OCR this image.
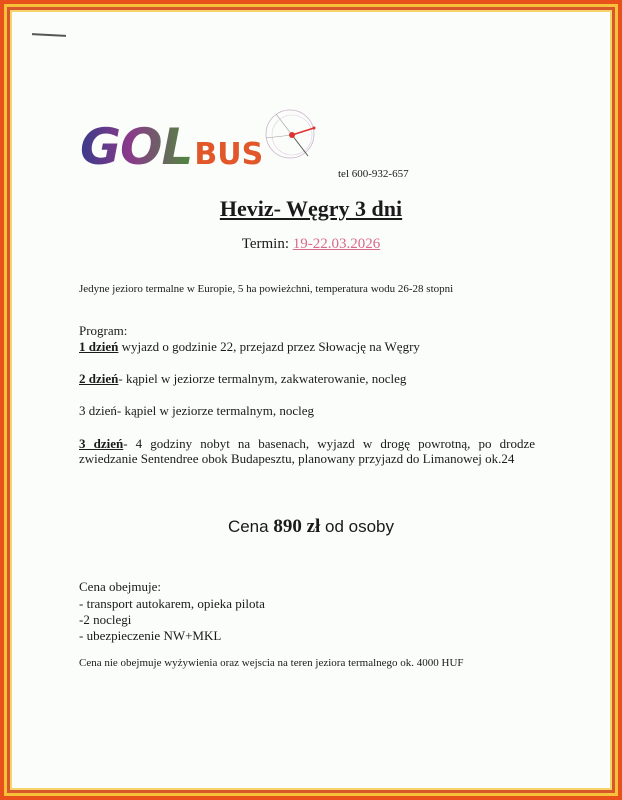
GOL BUS
tel 600-932-657
Heviz- Węgry 3 dni
Termin: 19-22.03.2026
Jedyne jezioro termalne w Europie, 5 ha powieżchni, temperatura wodu 26-28 stopni
Program:
1 dzień wyjazd o godzinie 22, przejazd przez Słowację na Węgry
2 dzień- kąpiel w jeziorze termalnym, zakwaterowanie, nocleg
3 dzień- kąpiel w jeziorze termalnym, nocleg
3 dzień- 4 godziny nobyt na basenach, wyjazd w drogę powrotną, po drodze zwiedzanie Sentendree obok Budapesztu, planowany przyjazd do Limanowej ok.24
Cena 890 zł od osoby
Cena obejmuje:
- transport autokarem, opieka pilota
-2 noclegi
- ubezpieczenie NW+MKL
Cena nie obejmuje wyżywienia oraz wejscia na teren jeziora termalnego ok. 4000 HUF
